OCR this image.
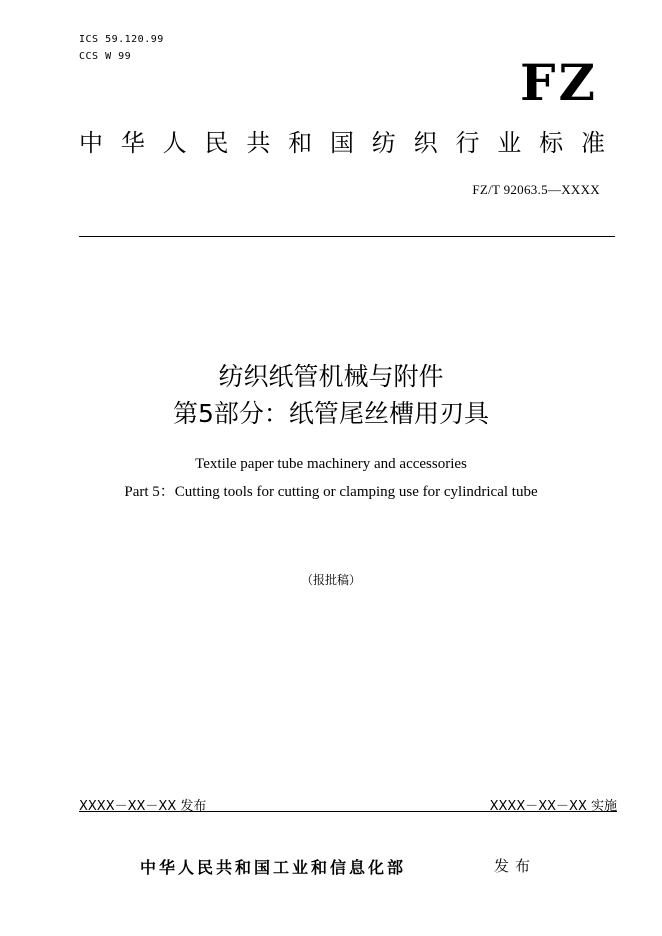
ICS 59.120.99
CCS W 99	FZ
中 华 人 民 共 和 国 纺 织 行 业 标 准
FZ/T 92063.5—XXXX
纺织纸管机械与附件
第5部分：纸管尾丝槽用刃具
Textile paper tube machinery and accessories
Part 5：Cutting tools for cutting or clamping use for cylindrical tube
（报批稿）
XXXX－XX－XX 发布	XXXX－XX－XX 实施
中华人民共和国工业和信息化部	发布
